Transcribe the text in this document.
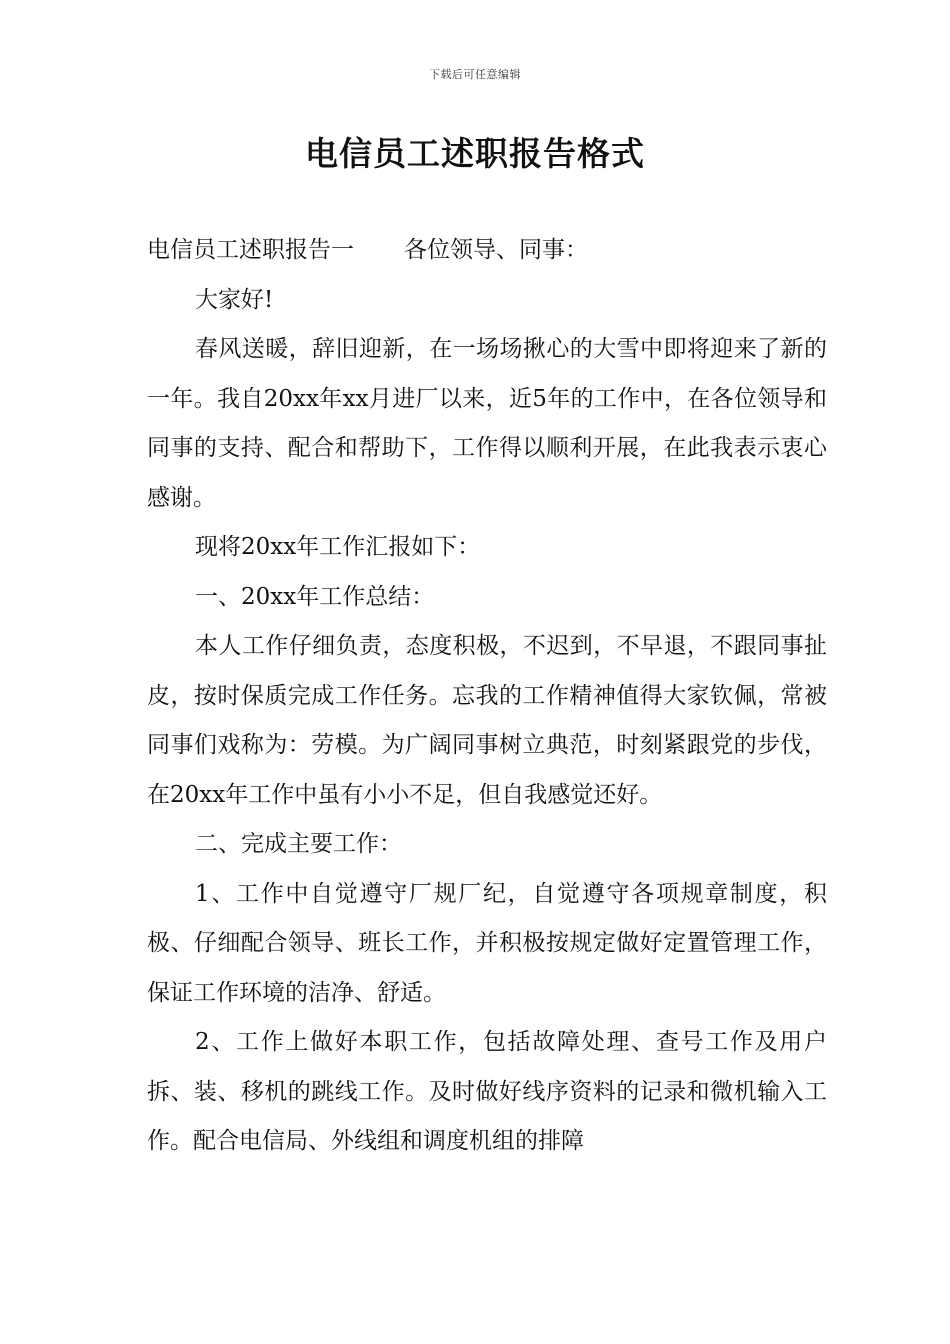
下载后可任意编辑
电信员工述职报告格式

电信员工述职报告一 各位领导、同事：

大家好!

春风送暖，辞旧迎新，在一场场揪心的大雪中即将迎来了新的一年。我自20xx年xx月进厂以来，近5年的工作中，在各位领导和同事的支持、配合和帮助下，工作得以顺利开展，在此我表示衷心感谢。

现将20xx年工作汇报如下：

一、20xx年工作总结：

本人工作仔细负责，态度积极，不迟到，不早退，不跟同事扯皮，按时保质完成工作任务。忘我的工作精神值得大家钦佩，常被同事们戏称为：劳模。为广阔同事树立典范，时刻紧跟党的步伐，在20xx年工作中虽有小小不足，但自我感觉还好。

二、完成主要工作：

1、工作中自觉遵守厂规厂纪，自觉遵守各项规章制度，积极、仔细配合领导、班长工作，并积极按规定做好定置管理工作，保证工作环境的洁净、舒适。

2、工作上做好本职工作，包括故障处理、查号工作及用户拆、装、移机的跳线工作。及时做好线序资料的记录和微机输入工作。配合电信局、外线组和调度机组的排障
